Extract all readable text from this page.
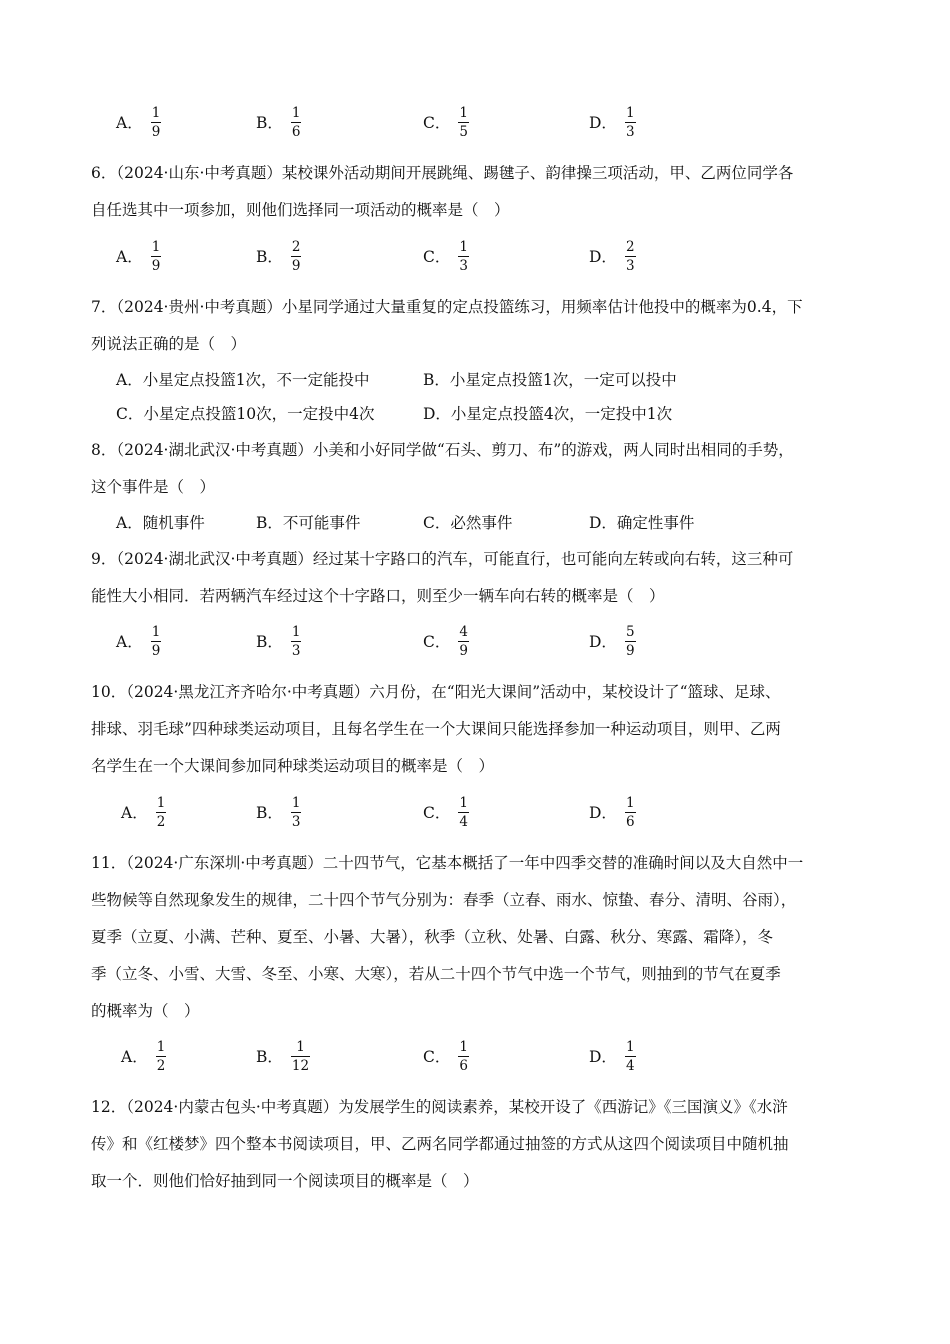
A． $\frac{1}{9}$	B． $\frac{1}{6}$	C． $\frac{1}{5}$	D． $\frac{1}{3}$
6．（2024·山东·中考真题）某校课外活动期间开展跳绳、踢毽子、韵律操三项活动，甲、乙两位同学各
自任选其中一项参加，则他们选择同一项活动的概率是（　）
A． $\frac{1}{9}$	B． $\frac{2}{9}$	C． $\frac{1}{3}$	D． $\frac{2}{3}$
7．（2024·贵州·中考真题）小星同学通过大量重复的定点投篮练习，用频率估计他投中的概率为0.4，下
列说法正确的是（　）
A．小星定点投篮1次，不一定能投中	B．小星定点投篮1次，一定可以投中
C．小星定点投篮10次，一定投中4次	D．小星定点投篮4次，一定投中1次
8．（2024·湖北武汉·中考真题）小美和小好同学做“石头、剪刀、布”的游戏，两人同时出相同的手势，
这个事件是（　）
A．随机事件	B．不可能事件	C．必然事件	D．确定性事件
9．（2024·湖北武汉·中考真题）经过某十字路口的汽车，可能直行，也可能向左转或向右转，这三种可
能性大小相同．若两辆汽车经过这个十字路口，则至少一辆车向右转的概率是（　）
A． $\frac{1}{9}$	B． $\frac{1}{3}$	C． $\frac{4}{9}$	D． $\frac{5}{9}$
10．（2024·黑龙江齐齐哈尔·中考真题）六月份，在“阳光大课间”活动中，某校设计了“篮球、足球、
排球、羽毛球”四种球类运动项目，且每名学生在一个大课间只能选择参加一种运动项目，则甲、乙两
名学生在一个大课间参加同种球类运动项目的概率是（　）
A． $\frac{1}{2}$	B． $\frac{1}{3}$	C． $\frac{1}{4}$	D． $\frac{1}{6}$
11．（2024·广东深圳·中考真题）二十四节气，它基本概括了一年中四季交替的准确时间以及大自然中一
些物候等自然现象发生的规律，二十四个节气分别为：春季（立春、雨水、惊蛰、春分、清明、谷雨），
夏季（立夏、小满、芒种、夏至、小暑、大暑），秋季（立秋、处暑、白露、秋分、寒露、霜降），冬
季（立冬、小雪、大雪、冬至、小寒、大寒），若从二十四个节气中选一个节气，则抽到的节气在夏季
的概率为（　）
A． $\frac{1}{2}$	B． $\frac{1}{12}$	C． $\frac{1}{6}$	D． $\frac{1}{4}$
12．（2024·内蒙古包头·中考真题）为发展学生的阅读素养，某校开设了《西游记》《三国演义》《水浒
传》和《红楼梦》四个整本书阅读项目，甲、乙两名同学都通过抽签的方式从这四个阅读项目中随机抽
取一个．则他们恰好抽到同一个阅读项目的概率是（　）
